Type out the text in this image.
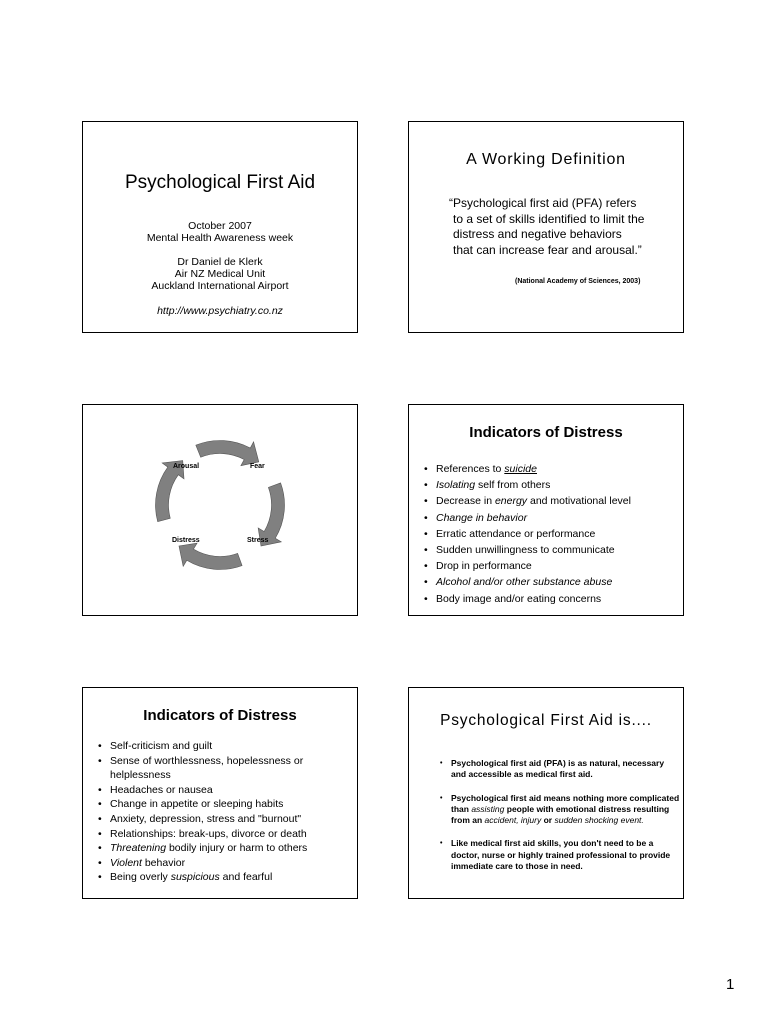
Psychological First Aid
October 2007
Mental Health Awareness week
Dr Daniel de Klerk
Air NZ Medical Unit
Auckland International Airport
http://www.psychiatry.co.nz
A Working Definition
“Psychological first aid (PFA) refers
to a set of skills identified to limit the
distress and negative behaviors
that can increase fear and arousal.”
(National Academy of Sciences, 2003)
Arousal	Fear
Stress
Distress
Indicators of Distress
• References to suicide
• Isolating self from others
• Decrease in energy and motivational level
• Change in behavior
• Erratic attendance or performance
• Sudden unwillingness to communicate
• Drop in performance
• Alcohol and/or other substance abuse
• Body image and/or eating concerns
Indicators of Distress
• Self-criticism and guilt
• Sense of worthlessness, hopelessness or helplessness
• Headaches or nausea
• Change in appetite or sleeping habits
• Anxiety, depression, stress and "burnout"
• Relationships: break-ups, divorce or death
• Threatening bodily injury or harm to others
• Violent behavior
• Being overly suspicious and fearful
Psychological First Aid is....
• Psychological first aid (PFA) is as natural, necessary and accessible as medical first aid.
• Psychological first aid means nothing more complicated than assisting people with emotional distress resulting from an accident, injury or sudden shocking event.
• Like medical first aid skills, you don't need to be a doctor, nurse or highly trained professional to provide immediate care to those in need.
1
